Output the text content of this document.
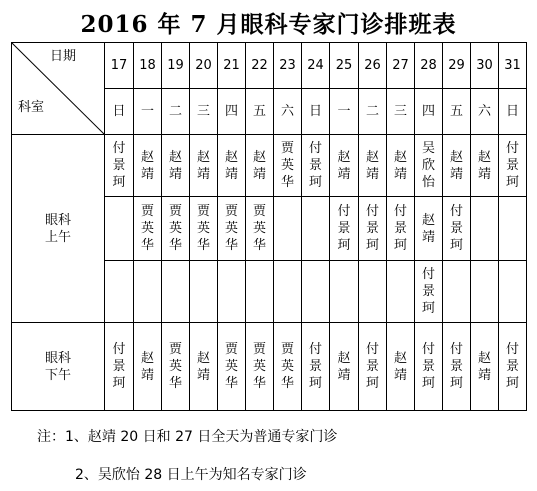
2016 年 7 月眼科专家门诊排班表
日期
科室	17	18	19	20	21	22	23	24	25	26	27	28	29	30	31
	日	一	二	三	四	五	六	日	一	二	三	四	五	六	日
眼科上午	付景珂	赵靖	赵靖	赵靖	赵靖	赵靖	贾英华	付景珂	赵靖	赵靖	赵靖	吴欣怡	赵靖	赵靖	付景珂
		贾英华	贾英华	贾英华	贾英华	贾英华			付景珂	付景珂	付景珂	赵靖	付景珂		
												付景珂			
眼科下午	付景珂	赵靖	贾英华	赵靖	贾英华	贾英华	贾英华	付景珂	赵靖	付景珂	赵靖	付景珂	付景珂	赵靖	付景珂
注：1、赵靖 20 日和 27 日全天为普通专家门诊
2、吴欣怡 28 日上午为知名专家门诊
